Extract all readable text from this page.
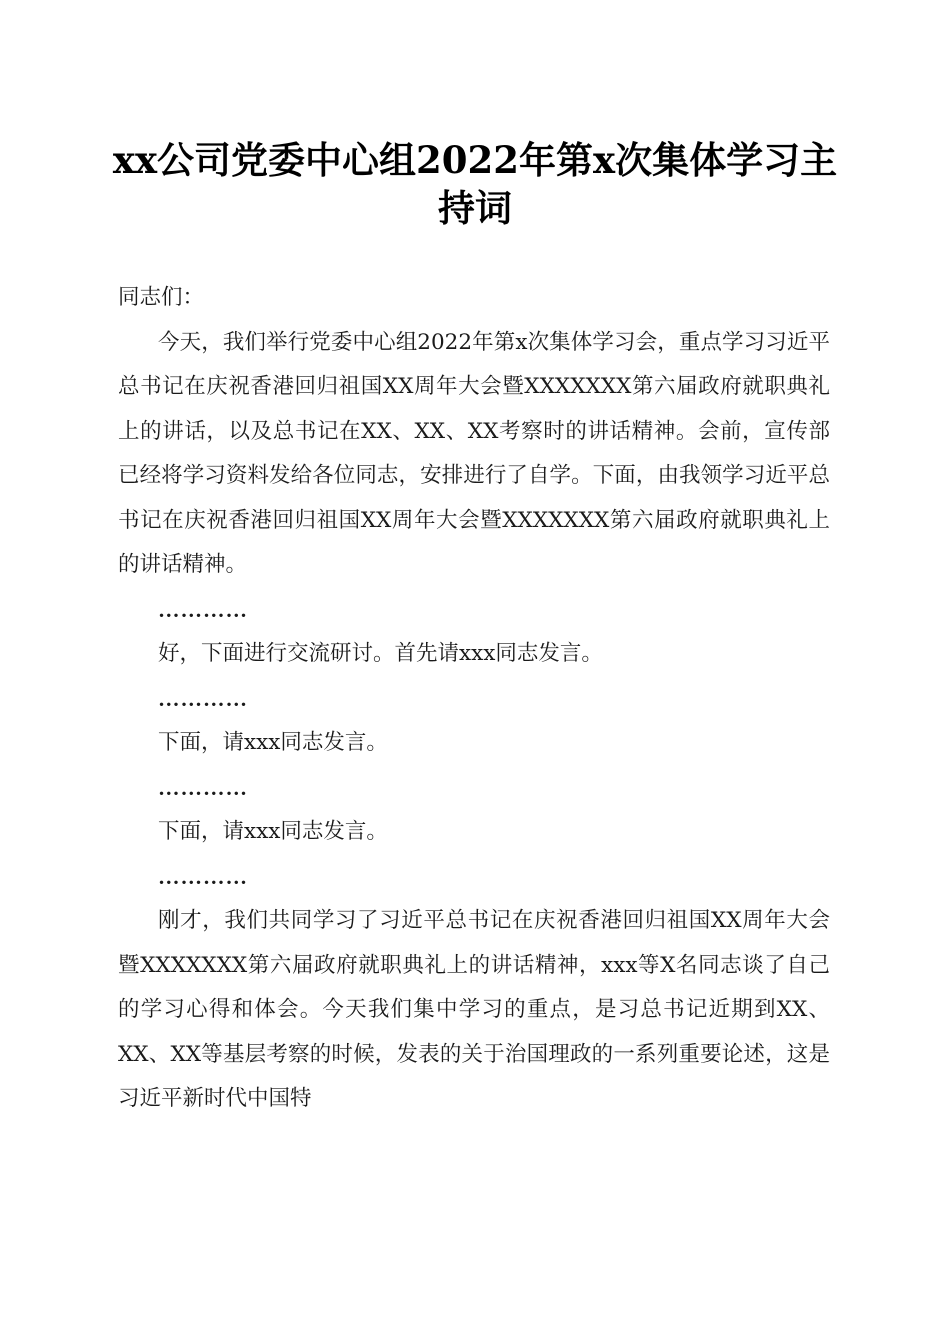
xx公司党委中心组2022年第x次集体学习主持词

同志们：

今天，我们举行党委中心组2022年第x次集体学习会，重点学习习近平总书记在庆祝香港回归祖国XX周年大会暨XXXXXXX第六届政府就职典礼上的讲话，以及总书记在XX、XX、XX考察时的讲话精神。会前，宣传部已经将学习资料发给各位同志，安排进行了自学。下面，由我领学习近平总书记在庆祝香港回归祖国XX周年大会暨XXXXXXX第六届政府就职典礼上的讲话精神。

…………

好，下面进行交流研讨。首先请xxx同志发言。

…………

下面，请xxx同志发言。

…………

下面，请xxx同志发言。

…………

刚才，我们共同学习了习近平总书记在庆祝香港回归祖国XX周年大会暨XXXXXXX第六届政府就职典礼上的讲话精神，xxx等X名同志谈了自己的学习心得和体会。今天我们集中学习的重点，是习总书记近期到XX、XX、XX等基层考察的时候，发表的关于治国理政的一系列重要论述，这是习近平新时代中国特
